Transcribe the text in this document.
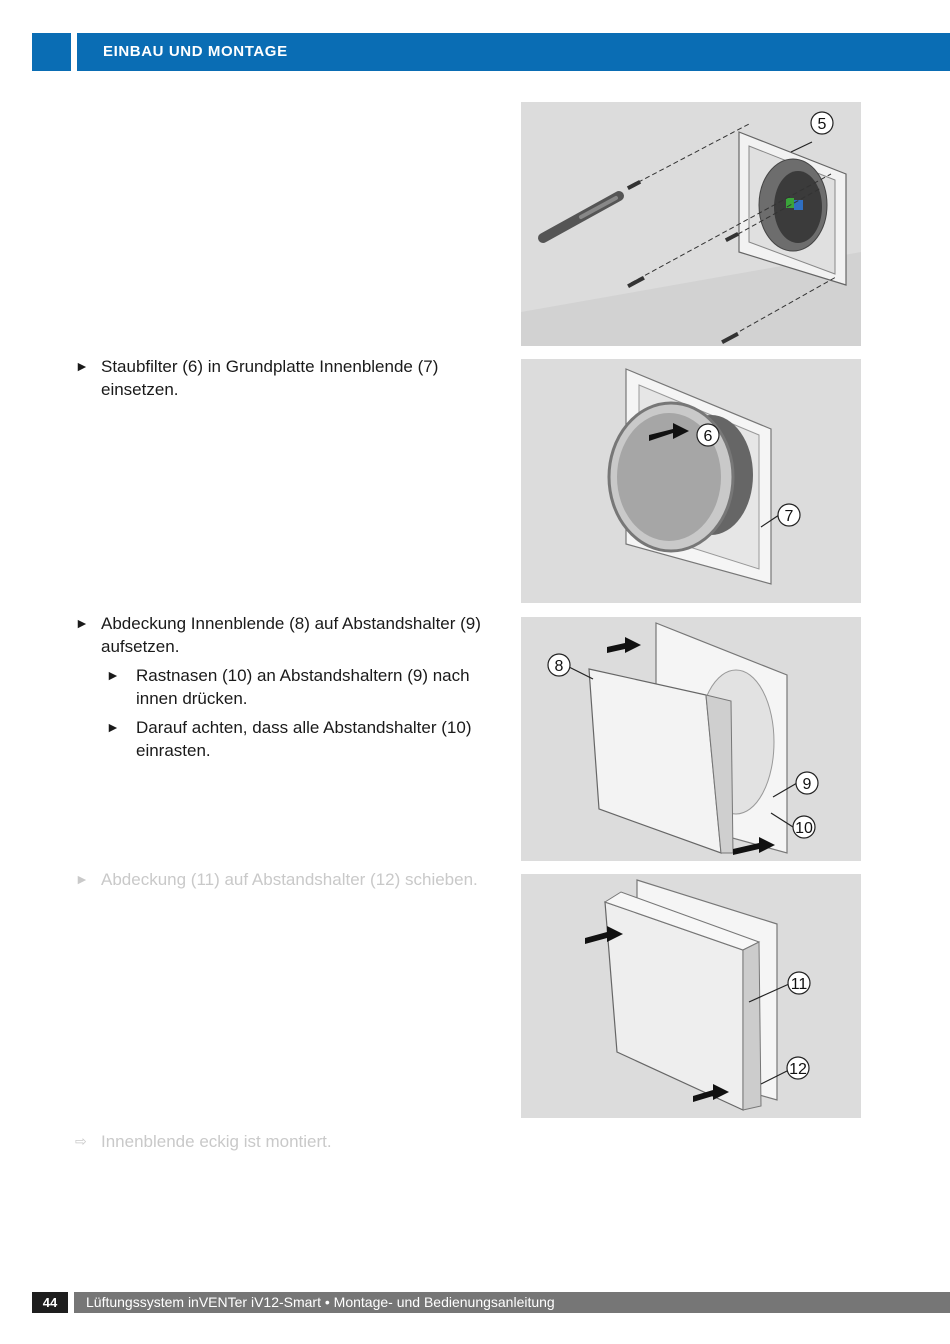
EINBAU UND MONTAGE
► Staubfilter (6) in Grundplatte Innenblende (7) einsetzen.
► Abdeckung Innenblende (8) auf Abstandshalter (9) aufsetzen.
► Rastnasen (10) an Abstandshaltern (9) nach innen drücken.
► Darauf achten, dass alle Abstandshalter (10) einrasten.
► Abdeckung (11) auf Abstandshalter (12) schieben.
⇨ Innenblende eckig ist montiert.
5
6
7
8
9
10
11
12
44	Lüftungssystem inVENTer iV12-Smart • Montage- und Bedienungsanleitung
